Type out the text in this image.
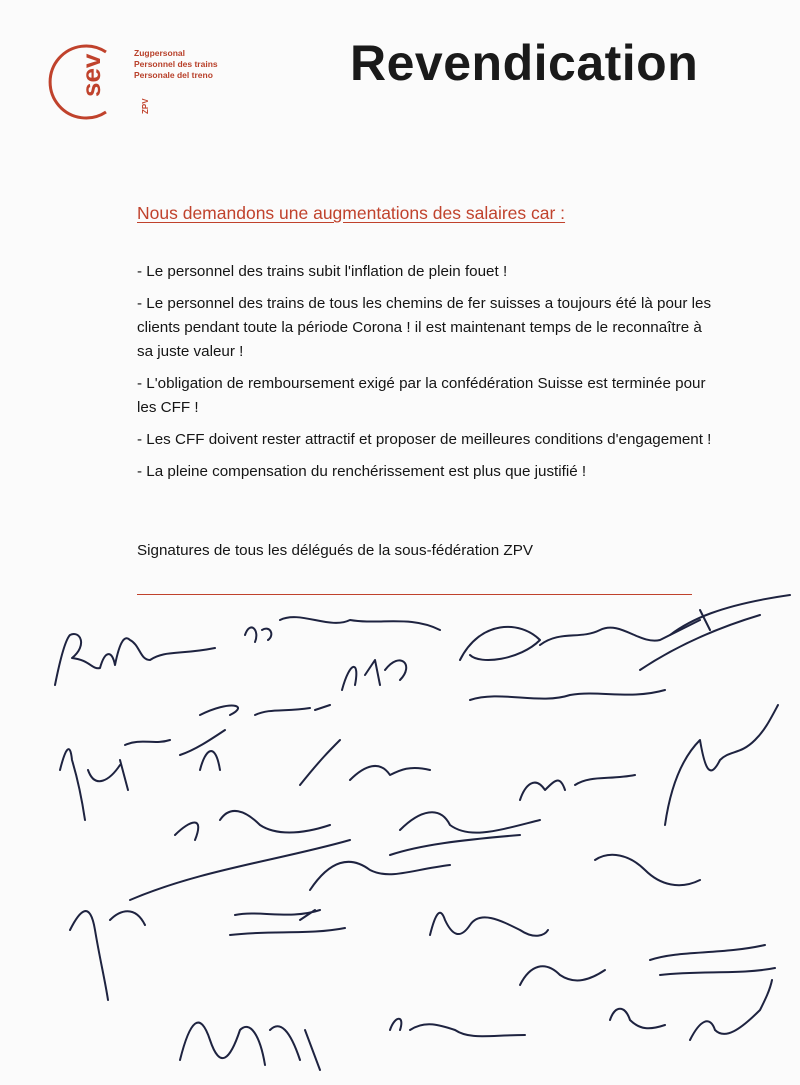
sev
ZPV
Zugpersonal
Personnel des trains
Personale del treno	Revendication
Nous demandons une augmentations des salaires car :

- Le personnel des trains subit l'inflation de plein fouet !

- Le personnel des trains de tous les chemins de fer suisses a toujours été là pour les clients pendant toute la période Corona ! il est maintenant temps de le reconnaître à sa juste valeur !

- L'obligation de remboursement exigé par la confédération Suisse est terminée pour les CFF !

- Les CFF doivent rester attractif et proposer de meilleures conditions d'engagement !

- La pleine compensation du renchérissement est plus que justifié !

Signatures de tous les délégués de la sous-fédération ZPV
